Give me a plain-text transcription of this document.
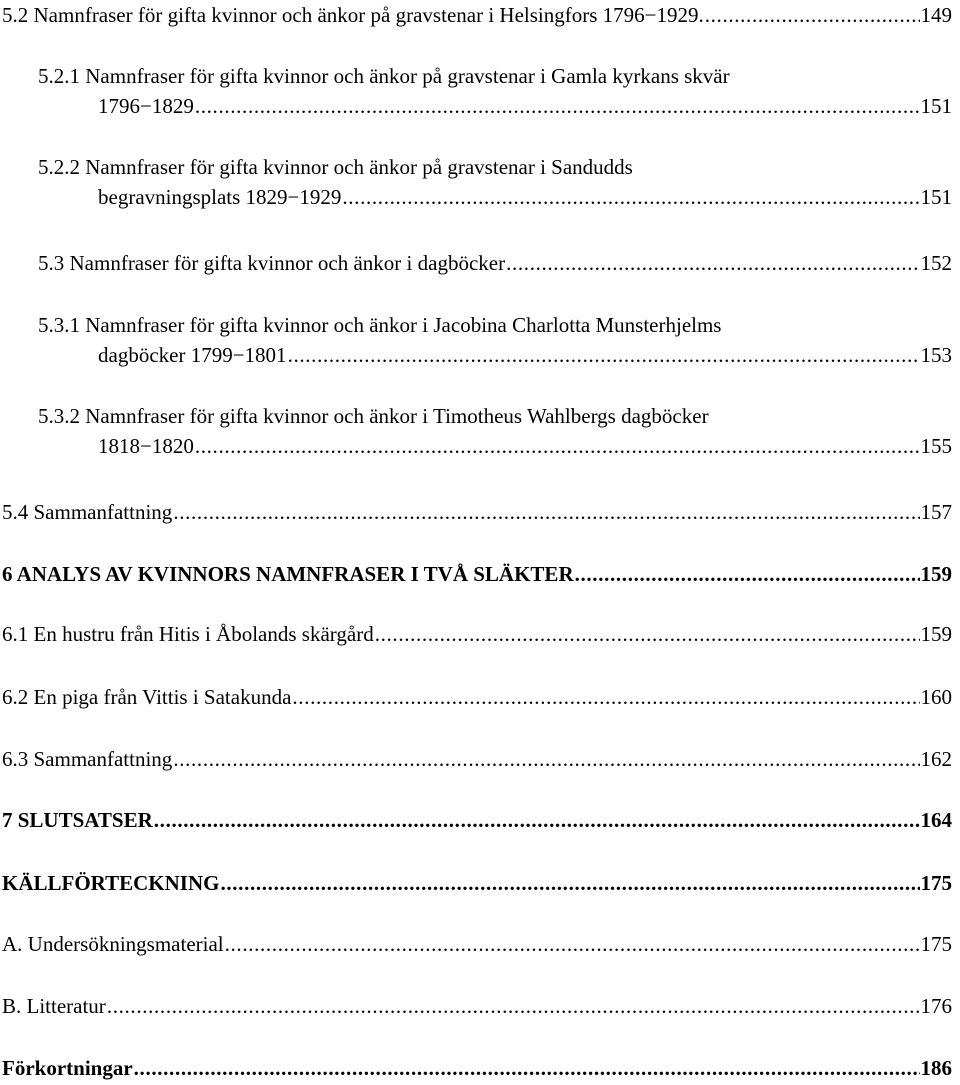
5.2 Namnfraser för gifta kvinnor och änkor på gravstenar i Helsingfors 1796−1929. . . .	149
5.2.1 Namnfraser för gifta kvinnor och änkor på gravstenar i Gamla kyrkans skvär
1796−1829 . . .	151
5.2.2 Namnfraser för gifta kvinnor och änkor på gravstenar i Sandudds
begravningsplats 1829−1929 . . .	151
5.3 Namnfraser för gifta kvinnor och änkor i dagböcker . . .	152
5.3.1 Namnfraser för gifta kvinnor och änkor i Jacobina Charlotta Munsterhjelms
dagböcker 1799−1801 . . .	153
5.3.2 Namnfraser för gifta kvinnor och änkor i Timotheus Wahlbergs dagböcker
1818−1820 . . .	155
5.4 Sammanfattning . . .	157
6 ANALYS AV KVINNORS NAMNFRASER I TVÅ SLÄKTER . . .	159
6.1 En hustru från Hitis i Åbolands skärgård . . .	159
6.2 En piga från Vittis i Satakunda . . .	160
6.3 Sammanfattning . . .	162
7 SLUTSATSER . . .	164
KÄLLFÖRTECKNING . . .	175
A. Undersökningsmaterial . . .	175
B. Litteratur . . .	176
Förkortningar . . .	186
